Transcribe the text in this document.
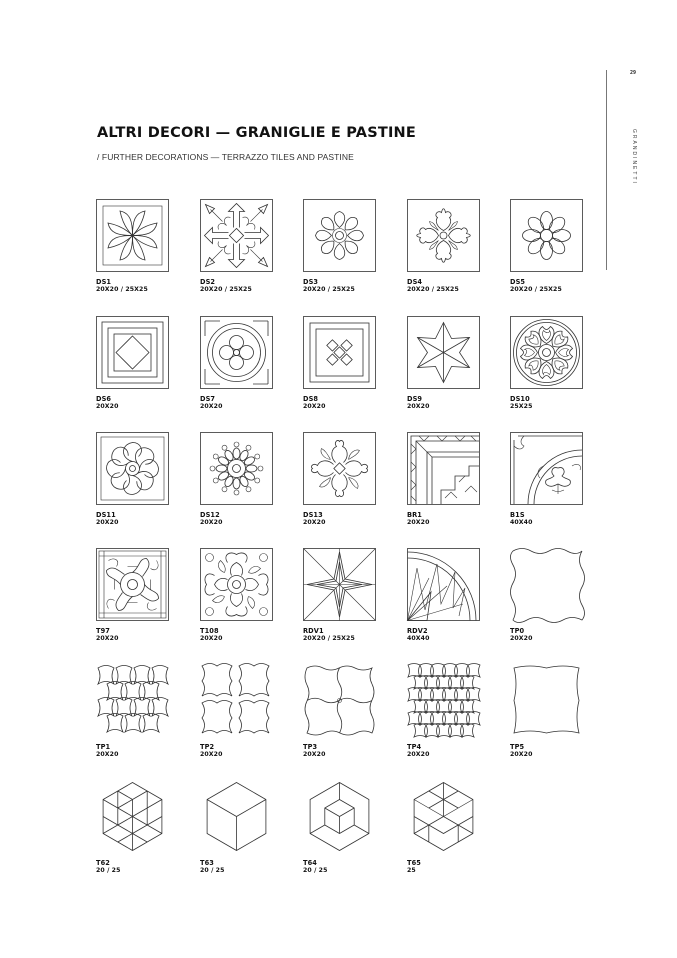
29
GRANDINETTI
ALTRI DECORI — GRANIGLIE E PASTINE

/ FURTHER DECORATIONS — TERRAZZO TILES AND PASTINE

DS1
20X20 / 25X25
DS2
20X20 / 25X25
DS3
20X20 / 25X25
DS4
20X20 / 25X25
DS5
20X20 / 25X25
DS6
20X20
DS7
20X20
DS8
20X20
DS9
20X20
DS10
25X25
DS11
20X20
DS12
20X20
DS13
20X20
BR1
20X20
B1S
40X40
T97
20X20
T108
20X20
RDV1
20X20 / 25X25
RDV2
40X40
TP0
20X20
TP1
20X20
TP2
20X20
TP3
20X20
TP4
20X20
TP5
20X20
T62
20 / 25
T63
20 / 25
T64
20 / 25
T65
25
